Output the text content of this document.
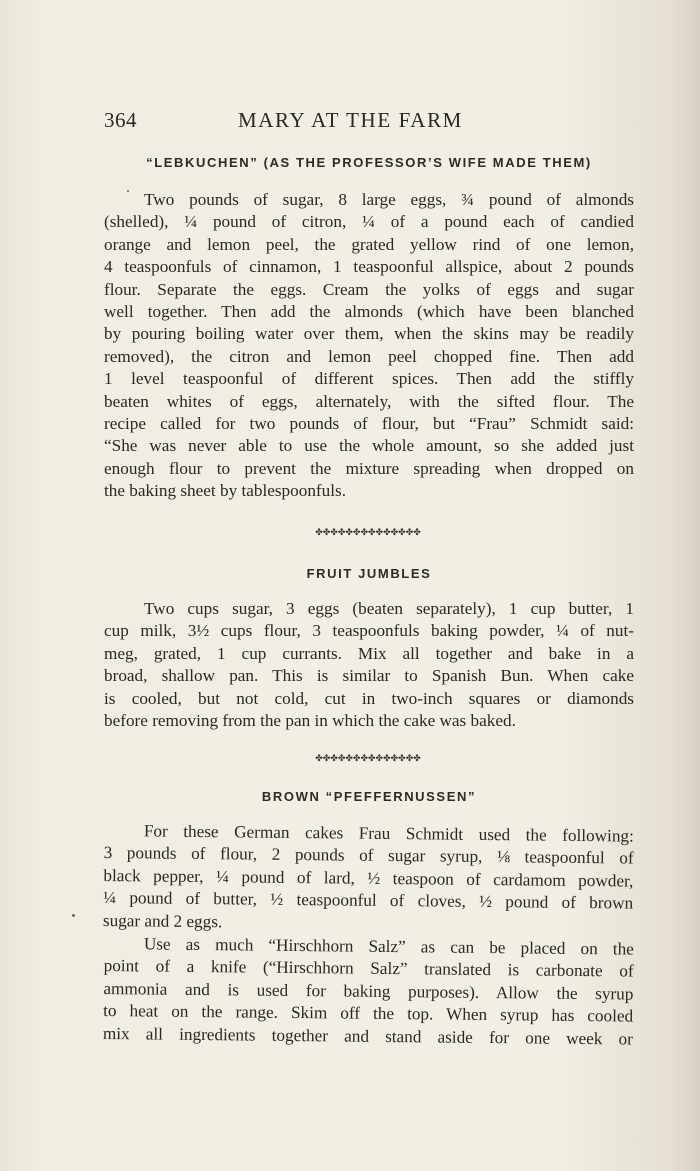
364	MARY AT THE FARM
“LEBKUCHEN” (AS THE PROFESSOR’S WIFE MADE THEM)
Two pounds of sugar, 8 large eggs, ¾ pound of almonds
(shelled), ¼ pound of citron, ¼ of a pound each of candied
orange and lemon peel, the grated yellow rind of one lemon,
4 teaspoonfuls of cinnamon, 1 teaspoonful allspice, about 2 pounds
flour. Separate the eggs. Cream the yolks of eggs and sugar
well together. Then add the almonds (which have been blanched
by pouring boiling water over them, when the skins may be readily
removed), the citron and lemon peel chopped fine. Then add
1 level teaspoonful of different spices. Then add the stiffly
beaten whites of eggs, alternately, with the sifted flour. The
recipe called for two pounds of flour, but “Frau” Schmidt said:
“She was never able to use the whole amount, so she added just
enough flour to prevent the mixture spreading when dropped on
the baking sheet by tablespoonfuls.
✤✤✤✤✤✤✤✤✤✤✤✤✤✤
FRUIT JUMBLES
Two cups sugar, 3 eggs (beaten separately), 1 cup butter, 1
cup milk, 3½ cups flour, 3 teaspoonfuls baking powder, ¼ of nut-
meg, grated, 1 cup currants. Mix all together and bake in a
broad, shallow pan. This is similar to Spanish Bun. When cake
is cooled, but not cold, cut in two-inch squares or diamonds
before removing from the pan in which the cake was baked.
✤✤✤✤✤✤✤✤✤✤✤✤✤✤
BROWN “PFEFFERNUSSEN”
For these German cakes Frau Schmidt used the following:
3 pounds of flour, 2 pounds of sugar syrup, ⅛ teaspoonful of
black pepper, ¼ pound of lard, ½ teaspoon of cardamom powder,
¼ pound of butter, ½ teaspoonful of cloves, ½ pound of brown
sugar and 2 eggs.
Use as much “Hirschhorn Salz” as can be placed on the
point of a knife (“Hirschhorn Salz” translated is carbonate of
ammonia and is used for baking purposes). Allow the syrup
to heat on the range. Skim off the top. When syrup has cooled
mix all ingredients together and stand aside for one week or
